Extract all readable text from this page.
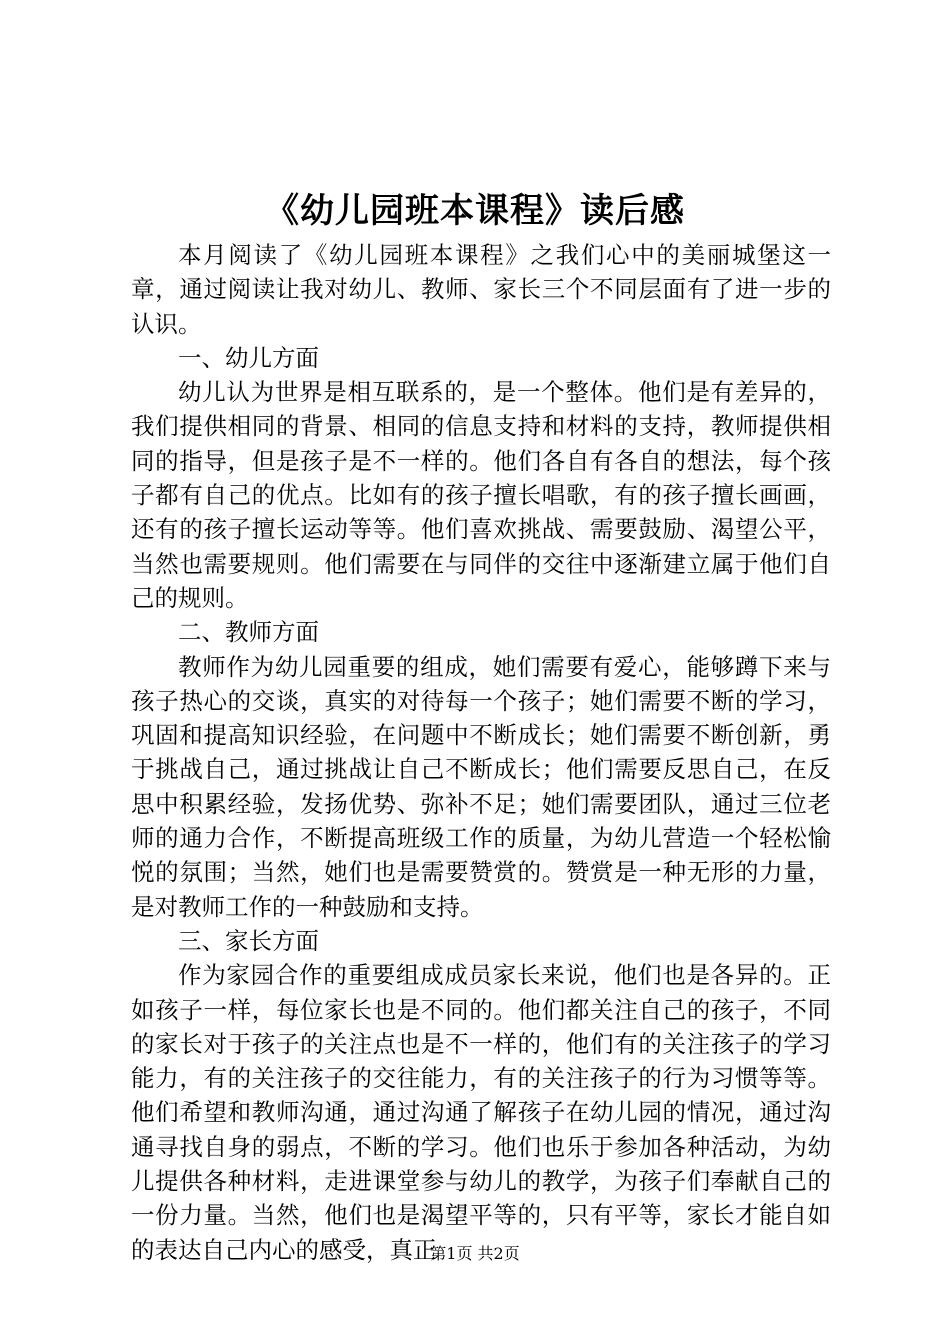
《幼儿园班本课程》读后感

本月阅读了《幼儿园班本课程》之我们心中的美丽城堡这一章，通过阅读让我对幼儿、教师、家长三个不同层面有了进一步的认识。

一、幼儿方面

幼儿认为世界是相互联系的，是一个整体。他们是有差异的，我们提供相同的背景、相同的信息支持和材料的支持，教师提供相同的指导，但是孩子是不一样的。他们各自有各自的想法，每个孩子都有自己的优点。比如有的孩子擅长唱歌，有的孩子擅长画画，还有的孩子擅长运动等等。他们喜欢挑战、需要鼓励、渴望公平，当然也需要规则。他们需要在与同伴的交往中逐渐建立属于他们自己的规则。

二、教师方面

教师作为幼儿园重要的组成，她们需要有爱心，能够蹲下来与孩子热心的交谈，真实的对待每一个孩子；她们需要不断的学习，巩固和提高知识经验，在问题中不断成长；她们需要不断创新，勇于挑战自己，通过挑战让自己不断成长；他们需要反思自己，在反思中积累经验，发扬优势、弥补不足；她们需要团队，通过三位老师的通力合作，不断提高班级工作的质量，为幼儿营造一个轻松愉悦的氛围；当然，她们也是需要赞赏的。赞赏是一种无形的力量，是对教师工作的一种鼓励和支持。

三、家长方面

作为家园合作的重要组成成员家长来说，他们也是各异的。正如孩子一样，每位家长也是不同的。他们都关注自己的孩子，不同的家长对于孩子的关注点也是不一样的，他们有的关注孩子的学习能力，有的关注孩子的交往能力，有的关注孩子的行为习惯等等。他们希望和教师沟通，通过沟通了解孩子在幼儿园的情况，通过沟通寻找自身的弱点，不断的学习。他们也乐于参加各种活动，为幼儿提供各种材料，走进课堂参与幼儿的教学，为孩子们奉献自己的一份力量。当然，他们也是渴望平等的，只有平等，家长才能自如的表达自己内心的感受，真正

第1页 共2页
